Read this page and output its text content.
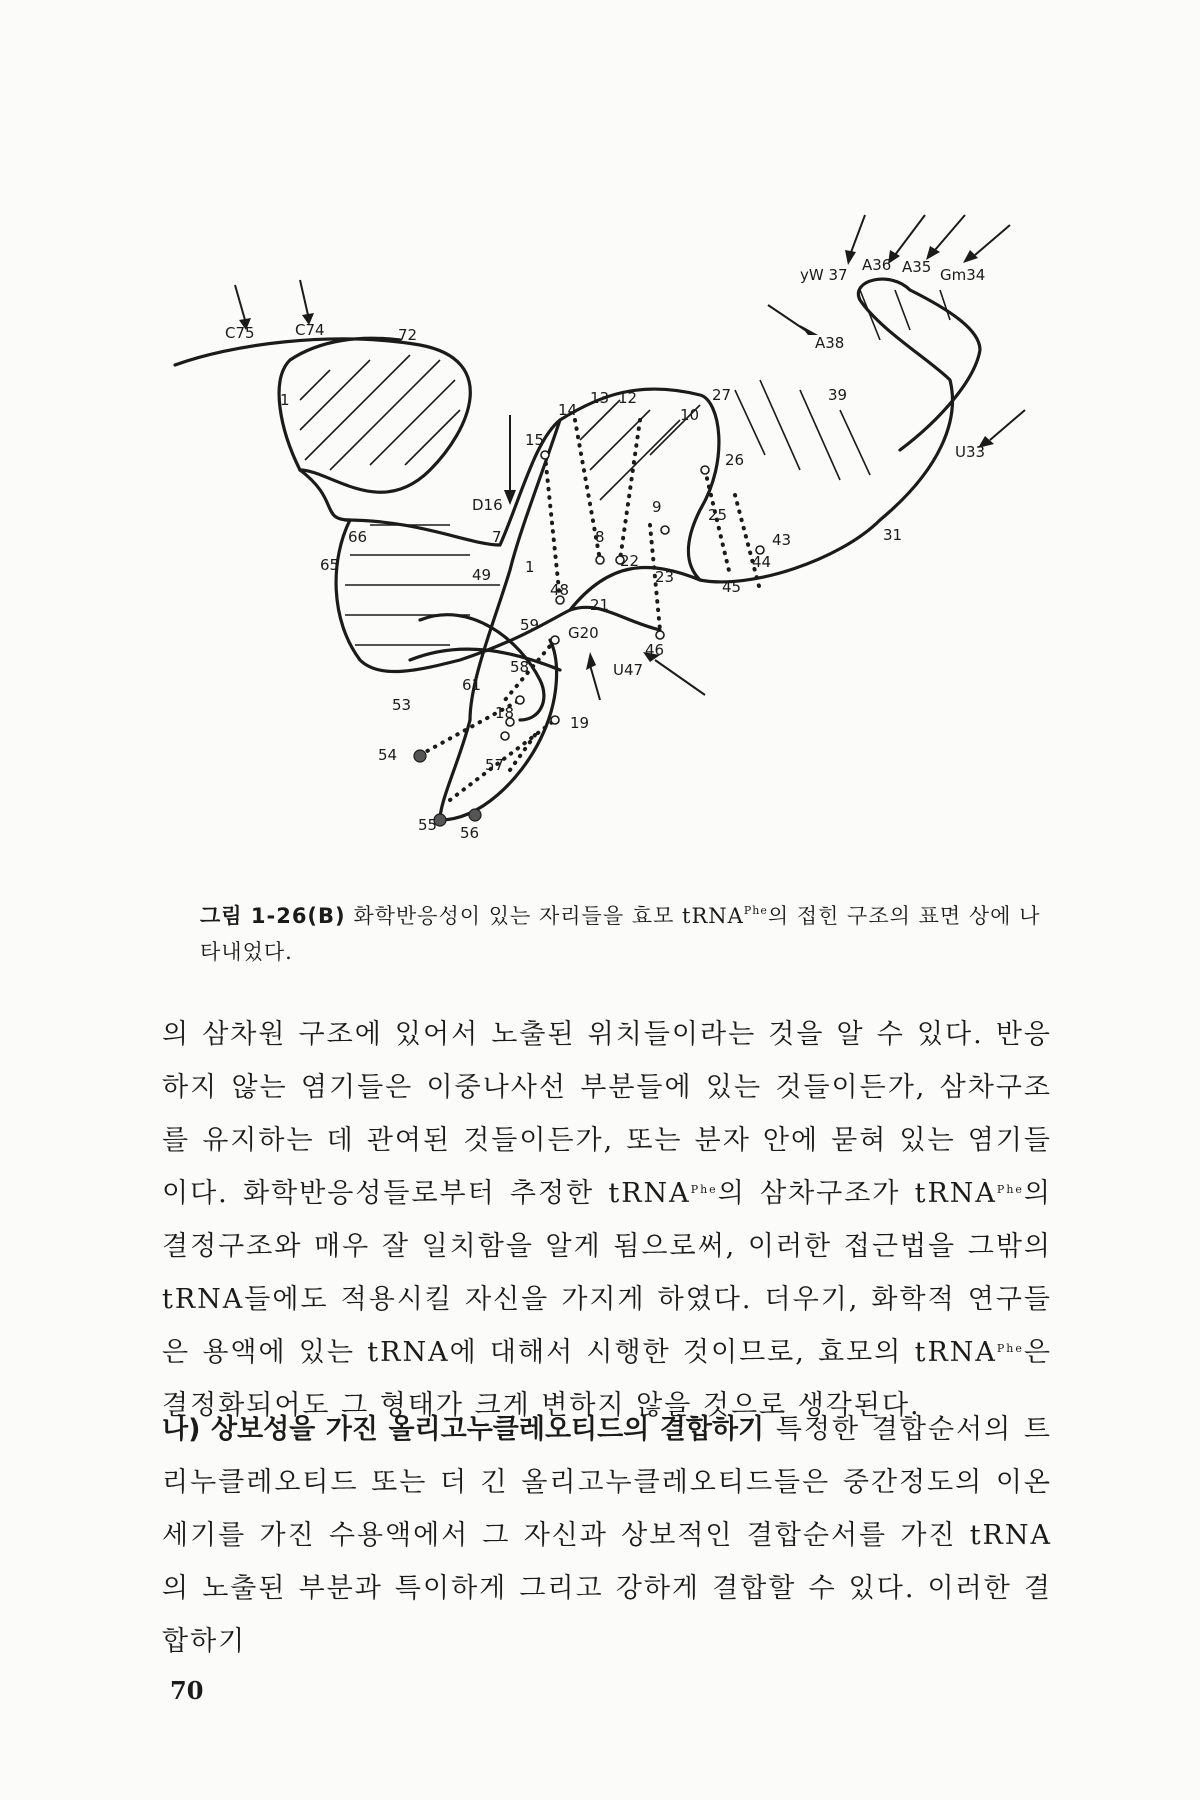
C75	C74	72
1
66
65
D16
7
49 1
14
15
13 12
10
27
26
9	25
8
22
23
43
44
45
48
21
59 G20
46
U47
58
61
18
19
53
54
57
55 56
39
A38
yW 37
A36 A35 Gm34
U33
31
그림 1-26(B) 화학반응성이 있는 자리들을 효모 tRNA$^{Phe}$의 접힌 구조의 표면 상에 나타내었다.
의 삼차원 구조에 있어서 노출된 위치들이라는 것을 알 수 있다. 반응하지 않는 염기들은 이중나사선 부분들에 있는 것들이든가, 삼차구조를 유지하는 데 관여된 것들이든가, 또는 분자 안에 묻혀 있는 염기들이다. 화학반응성들로부터 추정한 tRNA$^{Phe}$의 삼차구조가 tRNA$^{Phe}$의 결정구조와 매우 잘 일치함을 알게 됨으로써, 이러한 접근법을 그밖의 tRNA들에도 적용시킬 자신을 가지게 하였다. 더우기, 화학적 연구들은 용액에 있는 tRNA에 대해서 시행한 것이므로, 효모의 tRNA$^{Phe}$은 결정화되어도 그 형태가 크게 변하지 않을 것으로 생각된다.
나) 상보성을 가진 올리고누클레오티드의 결합하기 특정한 결합순서의 트리누클레오티드 또는 더 긴 올리고누클레오티드들은 중간정도의 이온세기를 가진 수용액에서 그 자신과 상보적인 결합순서를 가진 tRNA의 노출된 부분과 특이하게 그리고 강하게 결합할 수 있다. 이러한 결합하기
70
